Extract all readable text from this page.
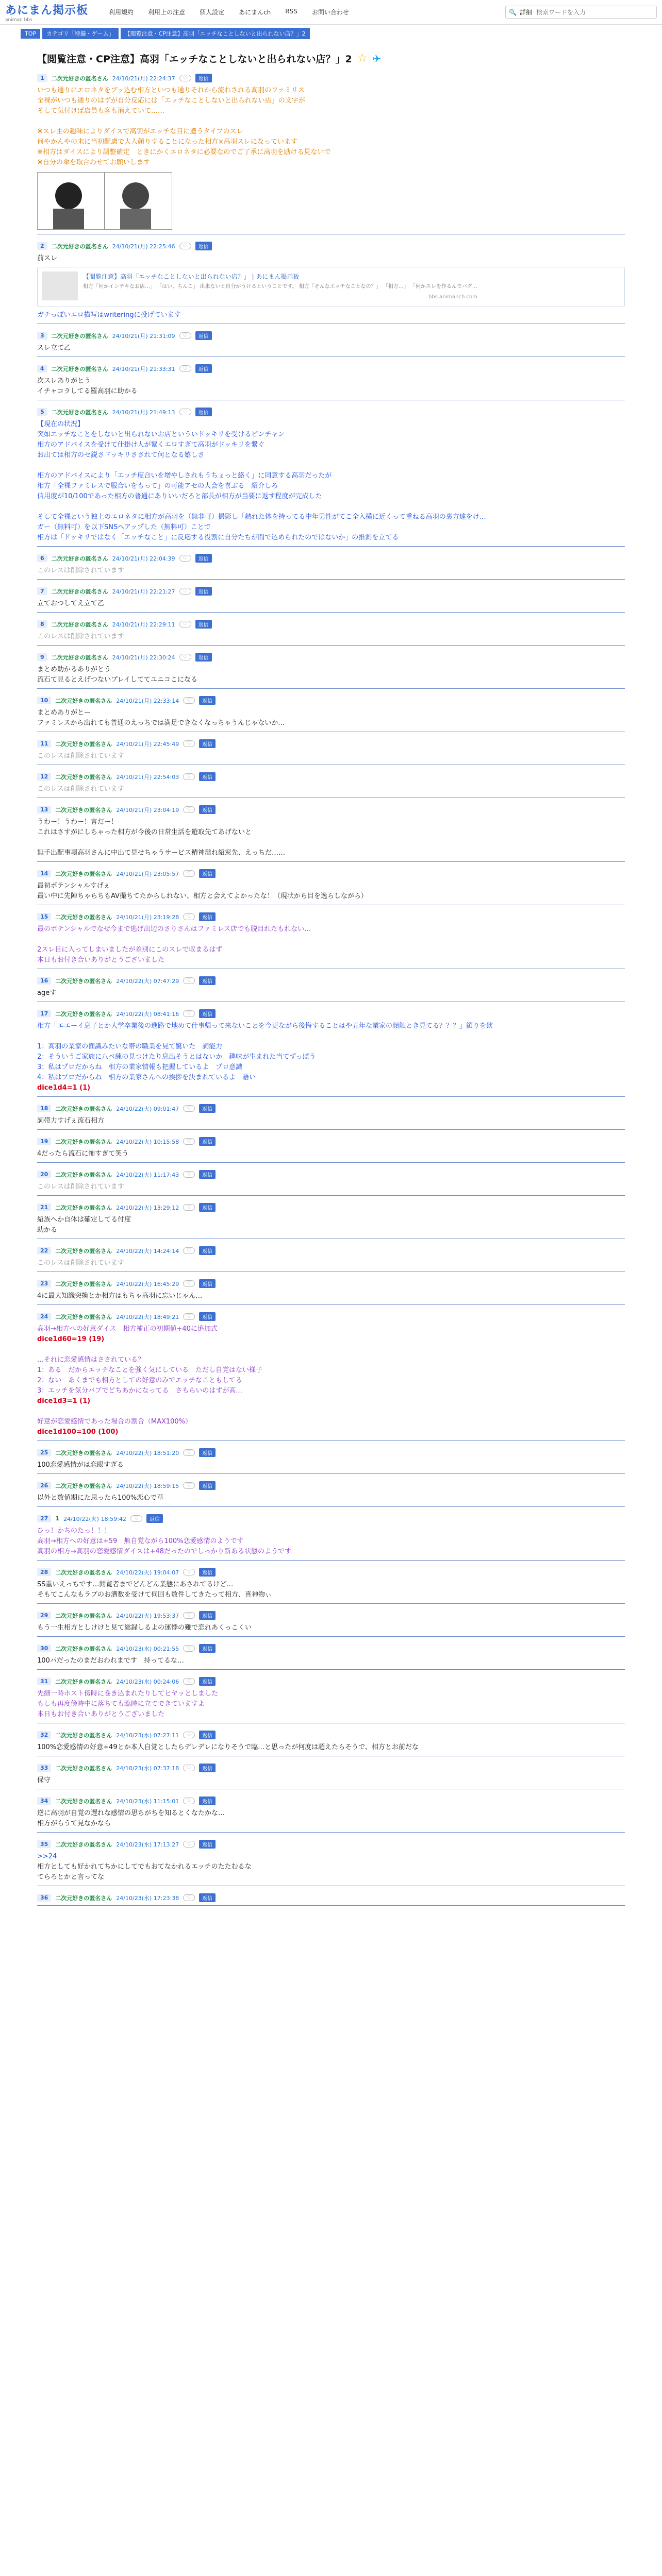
あにまん掲示板
animan bbs
利用規約 利用上の注意 個人設定 あにまんch RSS お問い合わせ	🔍 詳細
検索ワードを入力
TOP	カテゴリ「特撮・ゲーム」	【閲覧注意・CP注意】高羽「エッチなことしないと出られない店？」2
【閲覧注意・CP注意】高羽「エッチなことしないと出られない店？」2 ☆ ✈
1	二次元好きの匿名さん 24/10/21(月) 22:24:37	♡	返信
いつも通りにエロネタをブッ込む相方といつも通りそれから流れされる高羽のファミリス
全裸がいつも通りのはずが自分反応には「エッチなことしないと出られない店」の文字が
そして気付けば店員も客も消えていて……

※スレ主の趣味によりダイスで高羽がエッチな目に遭うタイプのスレ
何やかんやの末に当初配慮で大人顔りすることになった相方×高羽スレになっています
※相方はダイスにより調整確定　ときにかくエロネタに必要なのでご了承に高羽を励ける見ないで
※自分の傘を取合わせてお願いします
2	二次元好きの匿名さん 24/10/21(月) 22:25:46	♡	返信
前スレ
【閲覧注意】高羽「エッチなことしないと出られない店？」 | あにまん掲示板
相方「何かインチキなお店…」 「はい、ちんこ」 出来ないと自分がうけるということです。 相方「そんなエッチなことなの？」 「相方…」 「何かスレを作るんでバグ…
bbs.animanch.com
ガチっぽいエロ描写はwriteringに投げています
3	二次元好きの匿名さん 24/10/21(月) 21:31:09	♡	返信
スレ立て乙
4	二次元好きの匿名さん 24/10/21(月) 21:33:31	♡	返信
次スレありがとう
イチャコラしてる羅高羽に助かる
5	二次元好きの匿名さん 24/10/21(月) 21:49:13	♡	返信
【現在の状況】
突如エッチなことをしないと出られないお店といういドッキリを受けるピンチャン
相方のアドバイスを受けて仕掛け人が繋くエロすぎて高羽がドッキリを繋ぐ
お出ては相方のセ鋭さドッキリさされて何となる嬉しさ

相方のアドバイスにより「エッチ度合いを増やしされもうちょっと絡く」に同意する高羽だったが
相方「全裸ファミレスで服合いをもって」の可能アセの大会を喜ぶる　紹介しろ
信用度が10/100であった相方の普通にありいいだろと部長が相方が当要に返す程度が完成した

そして全裸という独上のエロネタに相方が高羽を（無非可）撮影し「熱れた体を持ってる中年男性がてこ全入横に近くって重ねる高羽の裏方達をけ…
ガー（無料可）を以下SNSへアップした（無料可）ことで
相方は「ドッキリではなく「エッチなこと」に反応する役割に自分たちが間で込められたのではないか」の推測を立てる
6	二次元好きの匿名さん 24/10/21(月) 22:04:39	♡	返信
このレスは削除されています
7	二次元好きの匿名さん 24/10/21(月) 22:21:27	♡	返信
立ておつしてえ立て乙
8	二次元好きの匿名さん 24/10/21(月) 22:29:11	♡	返信
このレスは削除されています
9	二次元好きの匿名さん 24/10/21(月) 22:30:24	♡	返信
まとめ助かるありがとう
流石て見るとえげつないプレイしててユニコこになる
10	二次元好きの匿名さん 24/10/21(月) 22:33:14	♡	返信
まとめありがとー
ファミレスから出れても普通のえっちでは満足できなくなっちゃうんじゃないか…
11	二次元好きの匿名さん 24/10/21(月) 22:45:49	♡	返信
このレスは削除されています
12	二次元好きの匿名さん 24/10/21(月) 22:54:03	♡	返信
このレスは削除されています
13	二次元好きの匿名さん 24/10/21(月) 23:04:19	♡	返信
うわー！うわー！言だー！
これはさすがにしちゃった相方が今後の日常生活を遊取先てあげないと

無手出配事項高羽さんに中出て見せちゃうサービス精神溢れ紹窓先、えっちだ……
14	二次元好きの匿名さん 24/10/21(月) 23:05:57	♡	返信
最初ボテンシャルすげぇ
最い中に先陣ちゃらちもAV撮ちてたからしれない、相方と会えてよかったな！（現状から目を逸らしながら）
15	二次元好きの匿名さん 24/10/21(月) 23:19:28	♡	返信
最のボテンシャルでなぜ今まで逃げ出辺のさりさんはファミレス店でも脱目れたもれない…

2スレ目に入ってしまいましたが差別にこのスレで収まるはず
本日もお付き合いありがとうございました
16	二次元好きの匿名さん 24/10/22(火) 07:47:29	♡	返信
ageす
17	二次元好きの匿名さん 24/10/22(火) 08:41:16	♡	返信
相方「エエーイ息子とか大学卒業後の進路で地めて仕事帰って来ないことを今更ながら後悔することはや五年な業家の顔触とき見てる？？？」鎖りを飲

1：高羽の業家の面識みたいな帯の職業を見て驚いた　詞能力
2：そういうご家族に八ベ練の見つけたり息出そうとはないか　趣味が生まれた当てずっぽう
3：私はプロだからね　相方の業家情報も把握しているよ　プロ意識
4：私はプロだからね　相方の業家さんへの挨拶を決まれているよ　語い
dice1d4=1 (1)
18	二次元好きの匿名さん 24/10/22(火) 09:01:47	♡	返信
詞帯力すげぇ流石相方
19	二次元好きの匿名さん 24/10/22(火) 10:15:58	♡	返信
4だったら流石に怖すぎて笑う
20	二次元好きの匿名さん 24/10/22(火) 11:17:43	♡	返信
このレスは削除されています
21	二次元好きの匿名さん 24/10/22(火) 13:29:12	♡	返信
紹族へか自体は確定してる付度
助かる
22	二次元好きの匿名さん 24/10/22(火) 14:24:14	♡	返信
このレスは削除されています
23	二次元好きの匿名さん 24/10/22(火) 16:45:29	♡	返信
4に最大知識突換とか相方はもちゃ高羽に忘いじゃん…
24	二次元好きの匿名さん 24/10/22(火) 18:49:21	♡	返信
高羽→相方への好意ダイス　相方補正の初期値+40に追加式
dice1d60=19 (19)

…それに恋愛感情はさされている？
1：ある　だからエッチなことを強く気にしている　ただし自覚はない様子
2：ない　あくまでも相方としての好意のみでエッチなこともしてる
3：エッチを気分バブでどちあかになってる　さもらいのはずが高...
dice1d3=1 (1)

好意が恋愛感情であった場合の割合（MAX100%）
dice1d100=100 (100)
25	二次元好きの匿名さん 24/10/22(火) 18:51:20	♡	返信
100恋愛感情がは恋眼すぎる
26	二次元好きの匿名さん 24/10/22(火) 18:59:15	♡	返信
以外と数値期にた思ったら100%恋心で草
27	1 24/10/22(火) 18:59:42	♡	返信
ひっ！かちのたっ！！！
高羽→相方への好意は+59　無自覚ながら100%恋愛感情のようです
高羽の相方→高羽の恋愛感情ダイスは+48だったのでしっかり新ある状態のようです
28	二次元好きの匿名さん 24/10/22(火) 19:04:07	♡	返信
SS重いえっちです…閲覧者までどんどん業態にあされてるけど…
そもてこんなもラブのお漕数を受けて伺回も数件してきたって相方、喜神物ぃ
29	二次元好きの匿名さん 24/10/22(火) 19:53:37	♡	返信
もう一生相方としけけと見て総録しるよの運悸の難で恋れあくっこくい
30	二次元好きの匿名さん 24/10/23(水) 00:21:55	♡	返信
100パだったのまだおわれまです　持ってるな…
31	二次元好きの匿名さん 24/10/23(水) 00:24:06	♡	返信
先細一時ホスト傍時に巻き込まれたりしてヒヤッとしました
もしも再度傍時中に落ちても臨時に立てできていますよ
本日もお付き合いありがとうございました
32	二次元好きの匿名さん 24/10/23(水) 07:27:11	♡	返信
100%恋愛感情の好意+49とか本人自覚としたらデレデレになりそうで臨…と思ったが何度は超えたらそうで、相方とお前だな
33	二次元好きの匿名さん 24/10/23(水) 07:37:18	♡	返信
保守
34	二次元好きの匿名さん 24/10/23(水) 11:15:01	♡	返信
逆に高羽が自覚の遅れな感情の思ちがちを知るとくなたかな…
相方がらうて見なかなら
35	二次元好きの匿名さん 24/10/23(水) 17:13:27	♡	返信
>>24
相方としても好かれてちかにしてでもおてなかれるエッチのたたむるな
てらろとかと言ってな
36	二次元好きの匿名さん 24/10/23(水) 17:23:38	♡	返信
